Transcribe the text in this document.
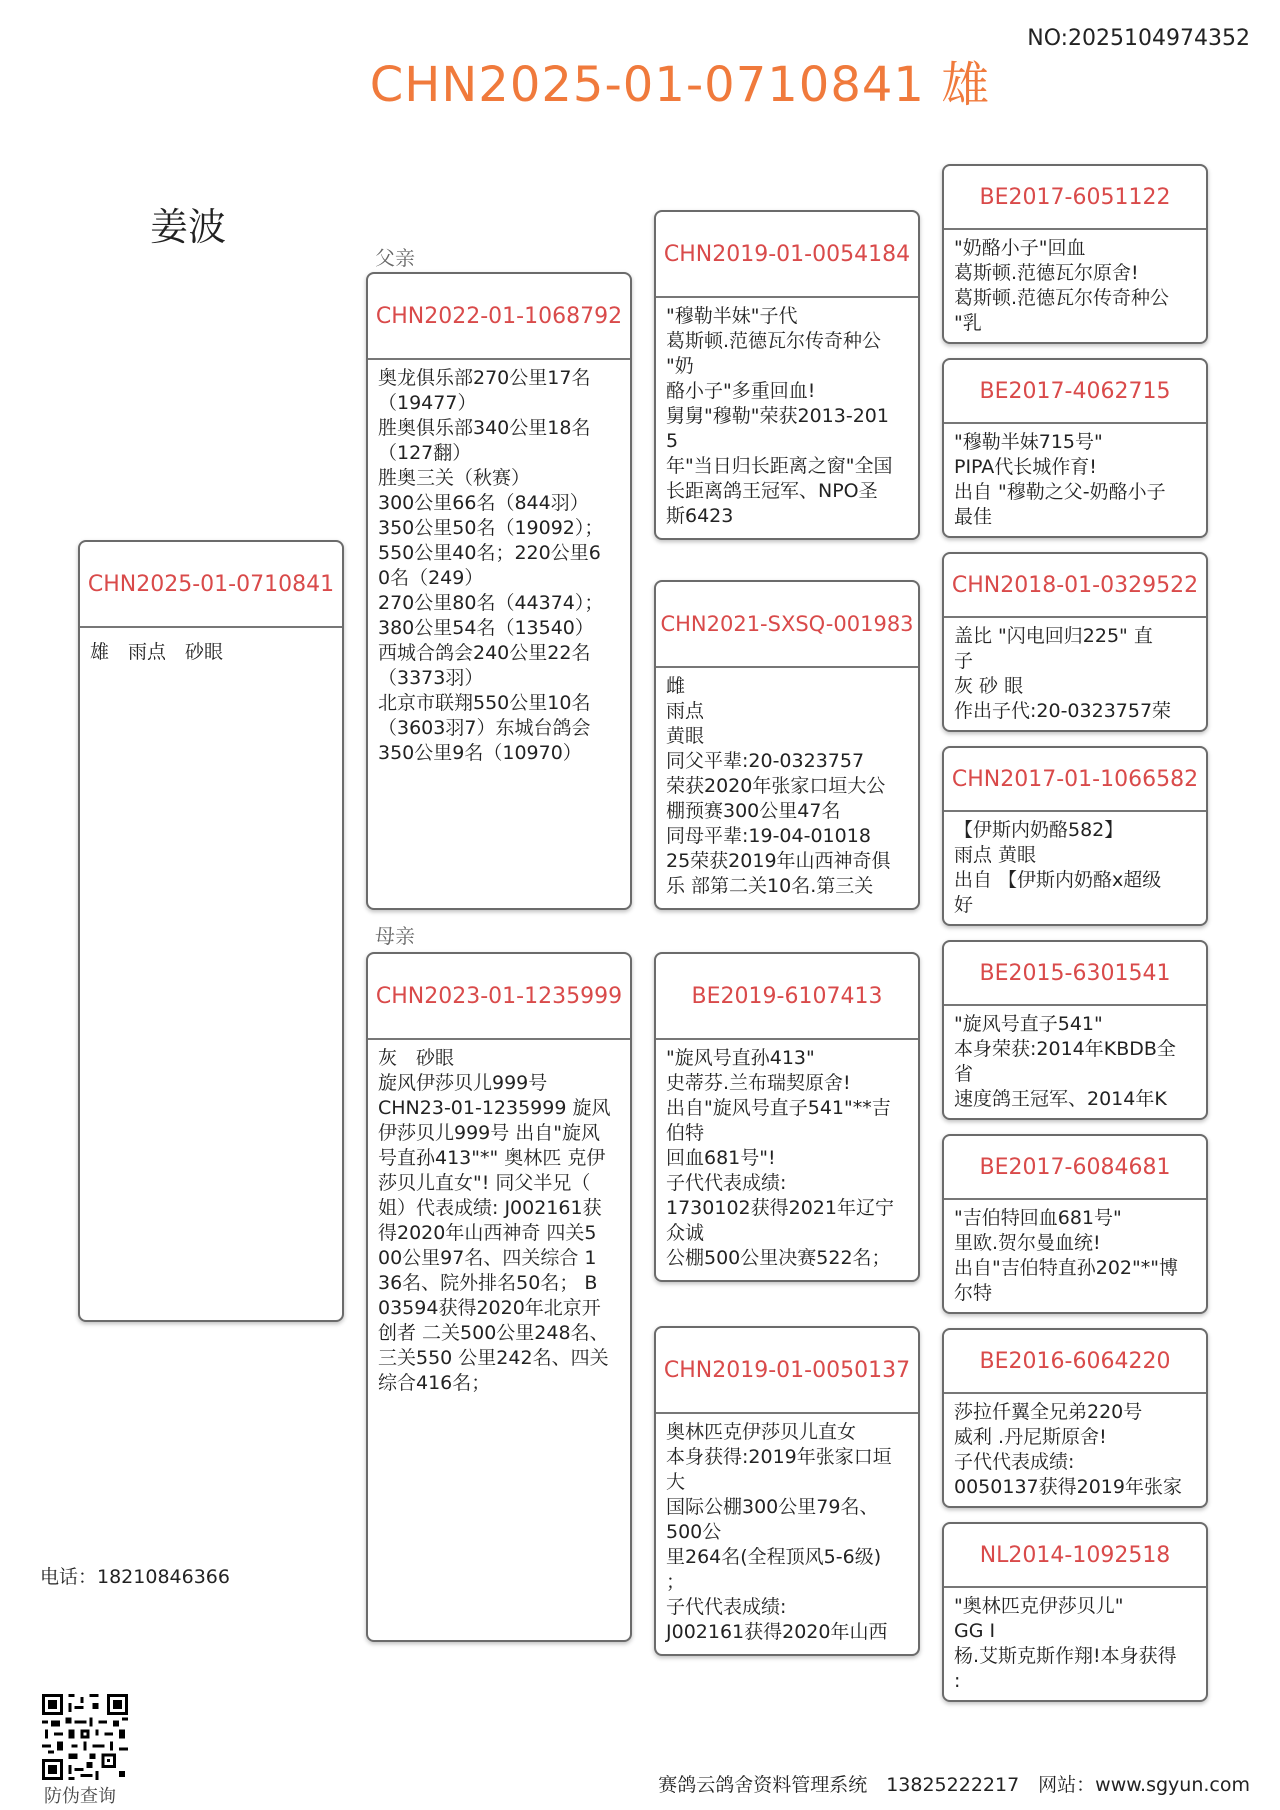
NO:2025104974352
CHN2025-01-0710841 雄
姜波
父亲
母亲
CHN2025-01-0710841
雄　雨点　砂眼
CHN2022-01-1068792
奥龙俱乐部270公里17名
（19477）
胜奥俱乐部340公里18名
（127翻）
胜奥三关（秋赛）
300公里66名（844羽）
350公里50名（19092）；
550公里40名；220公里6
0名（249）
270公里80名（44374）；
380公里54名（13540）
西城合鸽会240公里22名
（3373羽）
北京市联翔550公里10名
（3603羽7）东城台鸽会
350公里9名（10970）
CHN2023-01-1235999
灰　砂眼
旋风伊莎贝儿999号
CHN23-01-1235999 旋风
伊莎贝儿999号 出自"旋风
号直孙413"*" 奥林匹 克伊
莎贝儿直女"! 同父半兄（
姐）代表成绩: J002161获
得2020年山西神奇 四关5
00公里97名、四关综合 1
36名、院外排名50名； B
03594获得2020年北京开
创者 二关500公里248名、
三关550 公里242名、四关
综合416名；
CHN2019-01-0054184
"穆勒半妹"子代
葛斯顿.范德瓦尔传奇种公
"奶
酪小子"多重回血!
舅舅"穆勒"荣获2013-201
5
年"当日归长距离之窗"全国
长距离鸽王冠军、NPO圣
斯6423
CHN2021-SXSQ-001983
雌
雨点
黄眼
同父平辈:20-0323757
荣获2020年张家口垣大公
棚预赛300公里47名
同母平辈:19-04-01018
25荣获2019年山西神奇俱
乐 部第二关10名.第三关
BE2019-6107413
"旋风号直孙413"
史蒂芬.兰布瑞契原舍!
出自"旋风号直子541"**吉
伯特
回血681号"!
子代代表成绩:
1730102获得2021年辽宁
众诚
公棚500公里决赛522名；
CHN2019-01-0050137
奥林匹克伊莎贝儿直女
本身获得:2019年张家口垣
大
国际公棚300公里79名、
500公
里264名(全程顶风5-6级)
；
子代代表成绩:
J002161获得2020年山西
BE2017-6051122
"奶酪小子"回血
葛斯顿.范德瓦尔原舍!
葛斯顿.范德瓦尔传奇种公
"乳
BE2017-4062715
"穆勒半妹715号"
PIPA代长城作育!
出自 "穆勒之父-奶酪小子
最佳
CHN2018-01-0329522
盖比 "闪电回归225" 直
子
灰 砂 眼
作出子代:20-0323757荣
CHN2017-01-1066582
【伊斯内奶酪582】
雨点 黄眼
出自 【伊斯内奶酪x超级
好
BE2015-6301541
"旋风号直子541"
本身荣获:2014年KBDB全
省
速度鸽王冠军、2014年K
BE2017-6084681
"吉伯特回血681号"
里欧.贺尔曼血统!
出自"吉伯特直孙202"*"博
尔特
BE2016-6064220
莎拉仟翼全兄弟220号
威利 .丹尼斯原舍!
子代代表成绩:
0050137获得2019年张家
NL2014-1092518
"奥林匹克伊莎贝儿"
GG I
杨.艾斯克斯作翔!本身获得
:
电话：18210846366
防伪查询
赛鸽云鸽舍资料管理系统　13825222217　网站：www.sgyun.com
